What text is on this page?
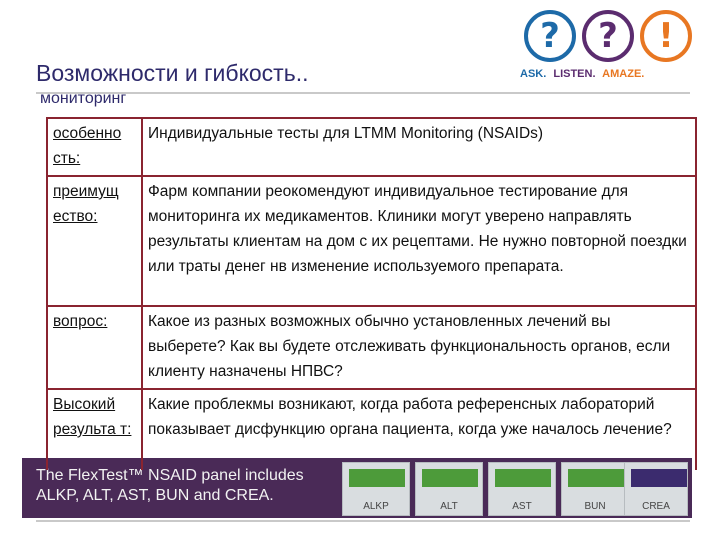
Возможности и гибкость..
мониторинг
?	?	!
ASK. LISTEN. AMAZE.
особенно сть:	Индивидуальные тесты для LTMM Monitoring (NSAIDs)
преимущ ество:	Фарм компании реокомендуют индивидуальное тестирование для мониторинга их медикаментов. Клиники могут уверено направлять результаты клиентам на дом с их рецептами. Не нужно повторной поездки или траты денег нв изменение используемого препарата.
вопрос:	Какое из разных возможных обычно установленных лечений вы выберете? Как вы будете отслеживать функциональность органов, если клиенту назначены НПВС?
Высокий результа т:	Какие проблекмы возникают, когда работа референсных лабораторий показывает дисфункцию органа пациента, когда уже началось лечение?
The FlexTest™ NSAID panel includes ALKP, ALT, AST, BUN and CREA.
ALKP	ALT	AST	BUN	CREA
